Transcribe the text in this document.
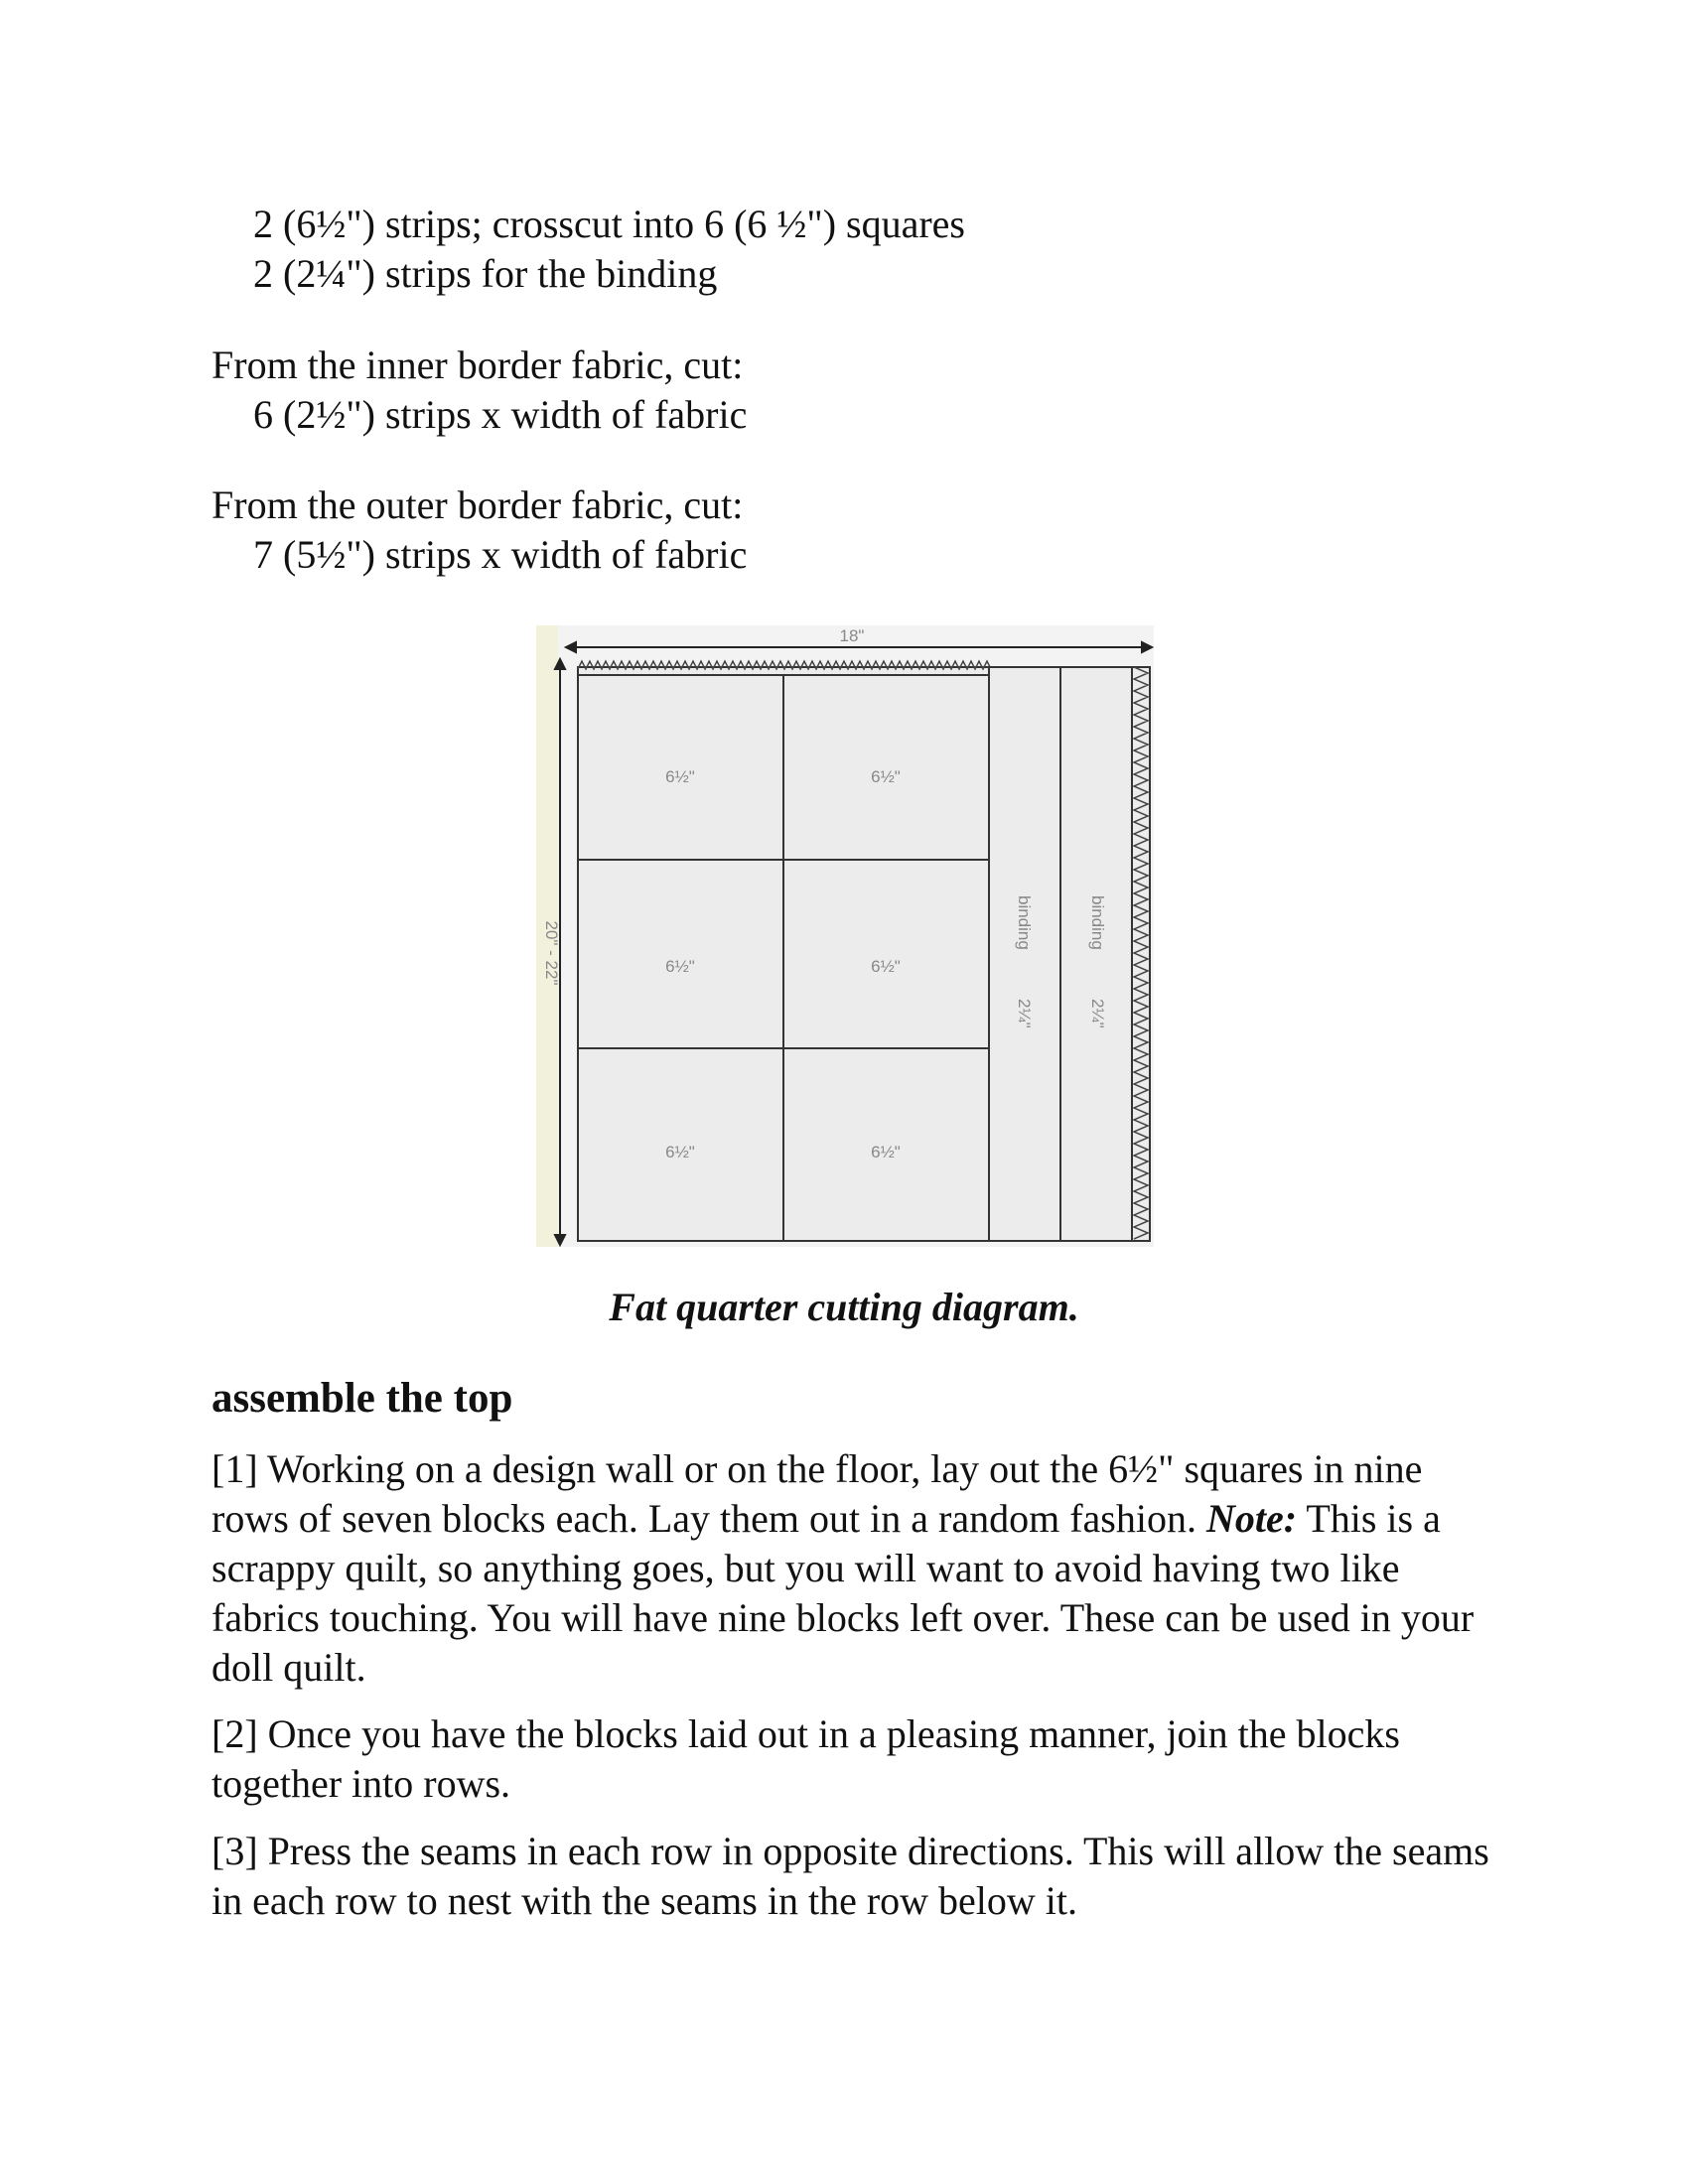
2 (6½") strips; crosscut into 6 (6 ½") squares
2 (2¼") strips for the binding
From the inner border fabric, cut:
6 (2½") strips x width of fabric
From the outer border fabric, cut:
7 (5½") strips x width of fabric
18"
20" - 22"
6½"	6½"
6½"	6½"
6½"	6½"
binding
2¼"
binding
2¼"
Fat quarter cutting diagram.
assemble the top

[1] Working on a design wall or on the floor, lay out the 6½" squares in nine rows of seven blocks each. Lay them out in a random fashion. Note: This is a scrappy quilt, so anything goes, but you will want to avoid having two like fabrics touching. You will have nine blocks left over. These can be used in your doll quilt.

[2] Once you have the blocks laid out in a pleasing manner, join the blocks together into rows.

[3] Press the seams in each row in opposite directions. This will allow the seams in each row to nest with the seams in the row below it.
